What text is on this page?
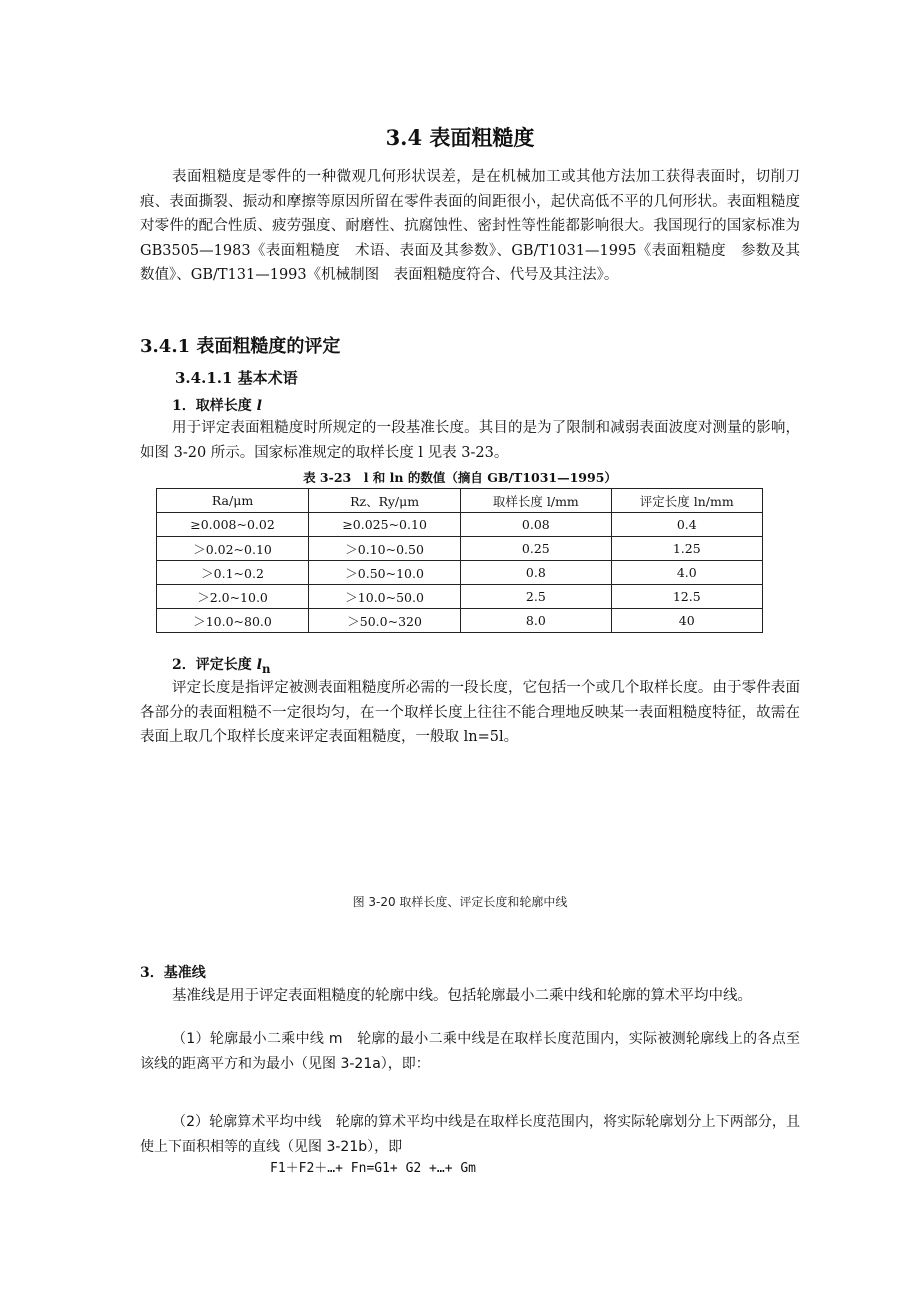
3.4 表面粗糙度
表面粗糙度是零件的一种微观几何形状误差，是在机械加工或其他方法加工获得表面时，切削刀痕、表面撕裂、振动和摩擦等原因所留在零件表面的间距很小，起伏高低不平的几何形状。表面粗糙度对零件的配合性质、疲劳强度、耐磨性、抗腐蚀性、密封性等性能都影响很大。我国现行的国家标准为GB3505—1983《表面粗糙度　术语、表面及其参数》、GB/T1031—1995《表面粗糙度　参数及其数值》、GB/T131—1993《机械制图　表面粗糙度符合、代号及其注法》。
3.4.1 表面粗糙度的评定
3.4.1.1 基本术语
1．取样长度 l
用于评定表面粗糙度时所规定的一段基准长度。其目的是为了限制和减弱表面波度对测量的影响，如图 3-20 所示。国家标准规定的取样长度 l 见表 3-23。
表 3-23　l 和 ln 的数值（摘自 GB/T1031—1995）
Ra/μm	Rz、Ry/μm	取样长度 l/mm	评定长度 ln/mm
≥0.008~0.02	≥0.025~0.10	0.08	0.4
＞0.02~0.10	＞0.10~0.50	0.25	1.25
＞0.1~0.2	＞0.50~10.0	0.8	4.0
＞2.0~10.0	＞10.0~50.0	2.5	12.5
＞10.0~80.0	＞50.0~320	8.0	40
2．评定长度 $l_n$
评定长度是指评定被测表面粗糙度所必需的一段长度，它包括一个或几个取样长度。由于零件表面各部分的表面粗糙不一定很均匀，在一个取样长度上往往不能合理地反映某一表面粗糙度特征，故需在表面上取几个取样长度来评定表面粗糙度，一般取 ln=5l。
图 3-20 取样长度、评定长度和轮廓中线
3．基准线
基准线是用于评定表面粗糙度的轮廓中线。包括轮廓最小二乘中线和轮廓的算术平均中线。
（1）轮廓最小二乘中线 m　轮廓的最小二乘中线是在取样长度范围内，实际被测轮廓线上的各点至该线的距离平方和为最小（见图 3-21a），即：
（2）轮廓算术平均中线　轮廓的算术平均中线是在取样长度范围内，将实际轮廓划分上下两部分，且使上下面积相等的直线（见图 3-21b），即
F1＋F2＋…+ Fn=G1+ G2 +…+ Gm
